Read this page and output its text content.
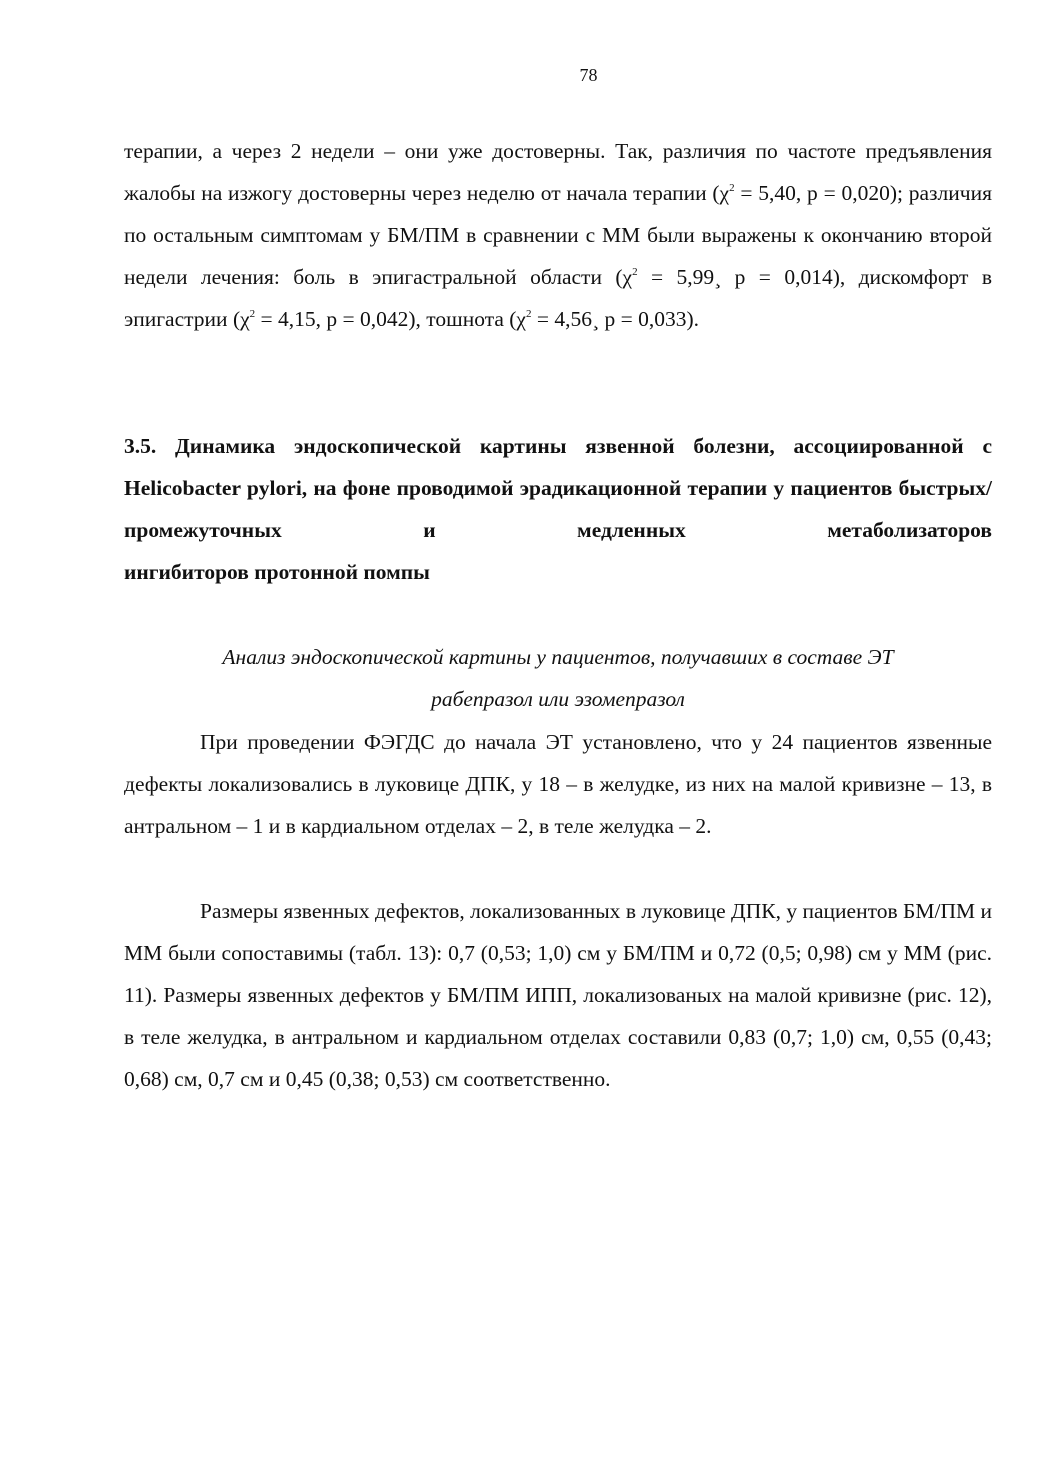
78

терапии, а через 2 недели – они уже достоверны. Так, различия по частоте предъявления жалобы на изжогу достоверны через неделю от начала терапии ($\chi^2 = 5,40$, p = 0,020); различия по остальным симптомам у БМ/ПМ в сравнении с ММ были выражены к окончанию второй недели лечения: боль в эпигастральной области ($\chi^2$ = 5,99¸ p = 0,014), дискомфорт в эпигастрии ($\chi^2 = 4,15$, p = 0,042), тошнота ($\chi^2$ = 4,56¸ p = 0,033).

3.5. Динамика эндоскопической картины язвенной болезни, ассоциированной с Helicobacter pylori, на фоне проводимой эрадикационной терапии у пациентов быстрых/промежуточных и медленных метаболизаторов
ингибиторов протонной помпы
Анализ эндоскопической картины у пациентов, получавших в составе ЭТ
рабепразол или эзомепразол

При проведении ФЭГДС до начала ЭТ установлено, что у 24 пациентов язвенные дефекты локализовались в луковице ДПК, у 18 – в желудке, из них на малой кривизне – 13, в антральном – 1 и в кардиальном отделах – 2, в теле желудка – 2.

Размеры язвенных дефектов, локализованных в луковице ДПК, у пациентов БМ/ПМ и ММ были сопоставимы (табл. 13): 0,7 (0,53; 1,0) см у БМ/ПМ и 0,72 (0,5; 0,98) см у ММ (рис. 11). Размеры язвенных дефектов у БМ/ПМ ИПП, локализованых на малой кривизне (рис. 12), в теле желудка, в антральном и кардиальном отделах составили 0,83 (0,7; 1,0) см, 0,55 (0,43; 0,68) см, 0,7 см и 0,45 (0,38; 0,53) см соответственно.
